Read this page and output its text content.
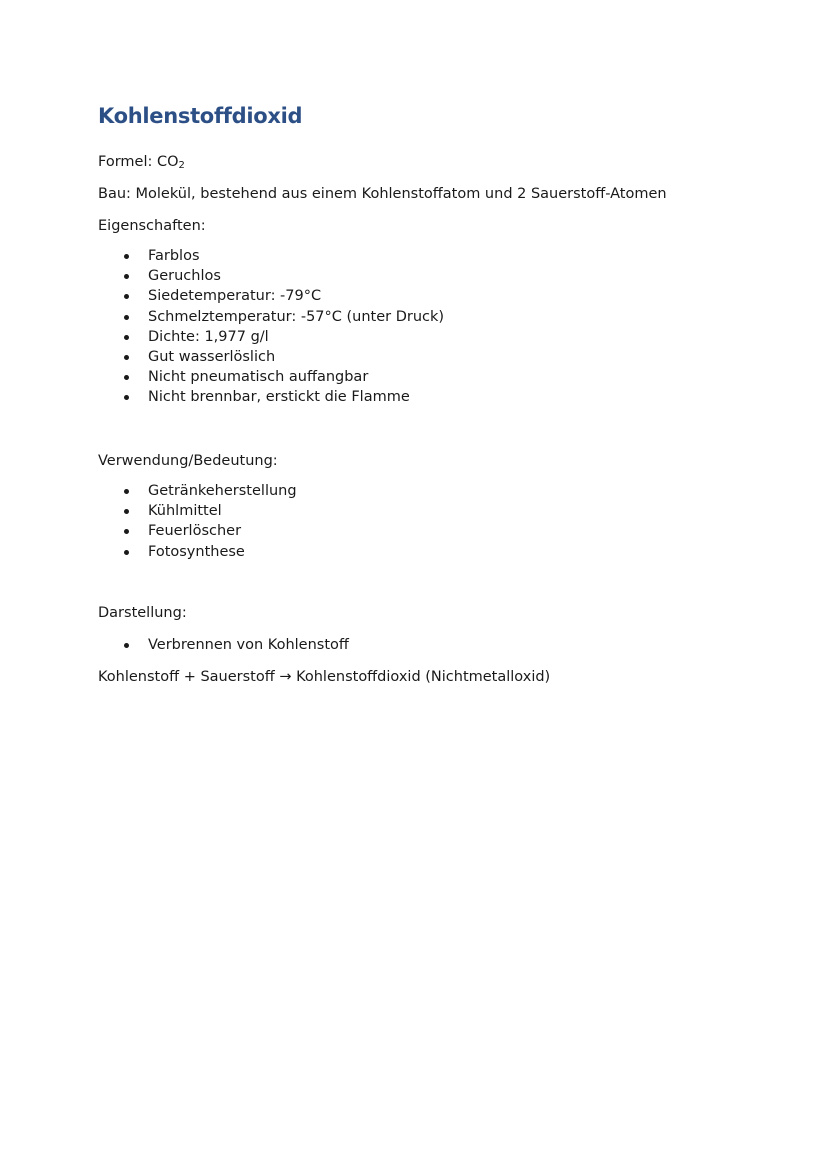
Kohlenstoffdioxid

Formel: $CO_2$

Bau: Molekül, bestehend aus einem Kohlenstoffatom und 2 Sauerstoff-Atomen

Eigenschaften:

Farblos
Geruchlos
Siedetemperatur: -79°C
Schmelztemperatur: -57°C (unter Druck)
Dichte: 1,977 g/l
Gut wasserlöslich
Nicht pneumatisch auffangbar
Nicht brennbar, erstickt die Flamme

Verwendung/Bedeutung:

Getränkeherstellung
Kühlmittel
Feuerlöscher
Fotosynthese

Darstellung:

Verbrennen von Kohlenstoff

Kohlenstoff + Sauerstoff → Kohlenstoffdioxid (Nichtmetalloxid)
